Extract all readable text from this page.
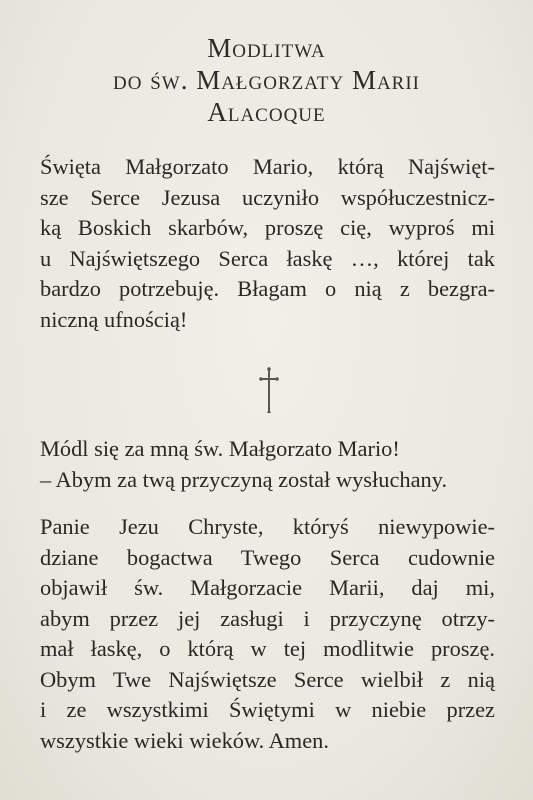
Modlitwa
do św. Małgorzaty Marii
Alacoque
Święta Małgorzato Mario, którą Najświęt-
sze Serce Jezusa uczyniło współuczestnicz-
ką Boskich skarbów, proszę cię, wyproś mi
u Najświętszego Serca łaskę …, której tak
bardzo potrzebuję. Błagam o nią z bezgra-
niczną ufnością!
Módl się za mną św. Małgorzato Mario!
– Abym za twą przyczyną został wysłuchany.
Panie Jezu Chryste, któryś niewypowie-
dziane bogactwa Twego Serca cudownie
objawił św. Małgorzacie Marii, daj mi,
abym przez jej zasługi i przyczynę otrzy-
mał łaskę, o którą w tej modlitwie proszę.
Obym Twe Najświętsze Serce wielbił z nią
i ze wszystkimi Świętymi w niebie przez
wszystkie wieki wieków. Amen.
